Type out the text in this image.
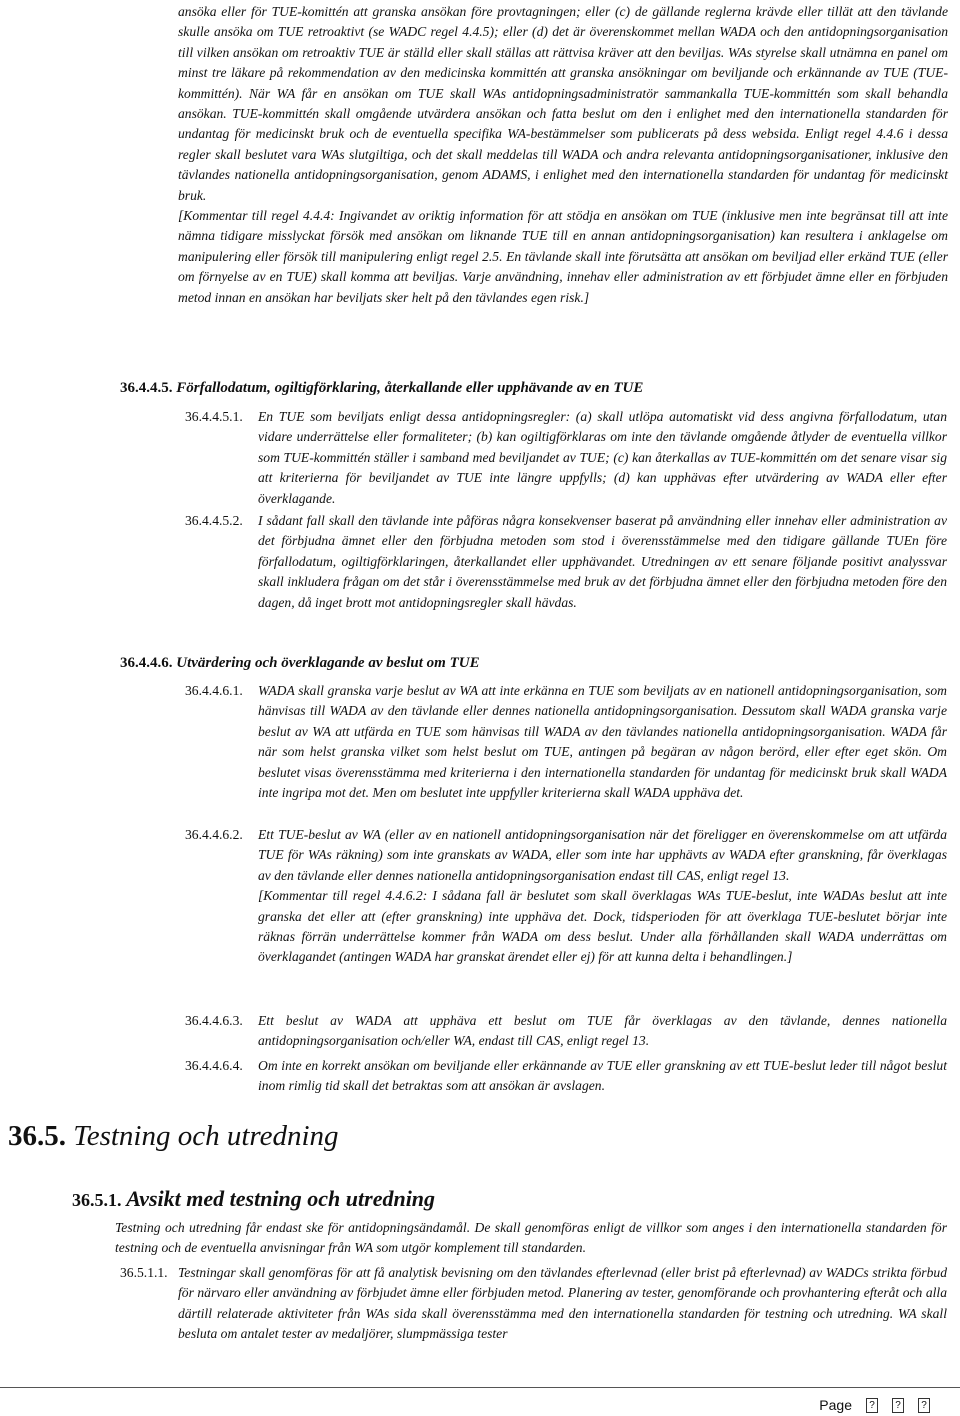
ansöka eller för TUE-komittén att granska ansökan före provtagningen; eller (c) de gällande reglerna krävde eller tillät att den tävlande skulle ansöka om TUE retroaktivt (se WADC regel 4.4.5); eller (d) det är överenskommet mellan WADA och den antidopningsorganisation till vilken ansökan om retroaktiv TUE är ställd eller skall ställas att rättvisa kräver att den beviljas. WAs styrelse skall utnämna en panel om minst tre läkare på rekommendation av den medicinska kommittén att granska ansökningar om beviljande och erkännande av TUE (TUE-kommittén). När WA får en ansökan om TUE skall WAs antidopningsadministratör sammankalla TUE-kommittén som skall behandla ansökan. TUE-kommittén skall omgående utvärdera ansökan och fatta beslut om den i enlighet med den internationella standarden för undantag för medicinskt bruk och de eventuella specifika WA-bestämmelser som publicerats på dess websida. Enligt regel 4.4.6 i dessa regler skall beslutet vara WAs slutgiltiga, och det skall meddelas till WADA och andra relevanta antidopningsorganisationer, inklusive den tävlandes nationella antidopningsorganisation, genom ADAMS, i enlighet med den internationella standarden för undantag för medicinskt bruk.

[Kommentar till regel 4.4.4: Ingivandet av oriktig information för att stödja en ansökan om TUE (inklusive men inte begränsat till att inte nämna tidigare misslyckat försök med ansökan om liknande TUE till en annan antidopningsorganisation) kan resultera i anklagelse om manipulering eller försök till manipulering enligt regel 2.5. En tävlande skall inte förutsätta att ansökan om beviljad eller erkänd TUE (eller om förnyelse av en TUE) skall komma att beviljas. Varje användning, innehav eller administration av ett förbjudet ämne eller en förbjuden metod innan en ansökan har beviljats sker helt på den tävlandes egen risk.]

36.4.4.5. Förfallodatum, ogiltigförklaring, återkallande eller upphävande av en TUE

36.4.4.5.1. En TUE som beviljats enligt dessa antidopningsregler: (a) skall utlöpa automatiskt vid dess angivna förfallodatum, utan vidare underrättelse eller formaliteter; (b) kan ogiltigförklaras om inte den tävlande omgående åtlyder de eventuella villkor som TUE-kommittén ställer i samband med beviljandet av TUE; (c) kan återkallas av TUE-kommittén om det senare visar sig att kriterierna för beviljandet av TUE inte längre uppfylls; (d) kan upphävas efter utvärdering av WADA eller efter överklagande.
36.4.4.5.2. I sådant fall skall den tävlande inte påföras några konsekvenser baserat på användning eller innehav eller administration av det förbjudna ämnet eller den förbjudna metoden som stod i överensstämmelse med den tidigare gällande TUEn före förfallodatum, ogiltigförklaringen, återkallandet eller upphävandet. Utredningen av ett senare följande positivt analyssvar skall inkludera frågan om det står i överensstämmelse med bruk av det förbjudna ämnet eller den förbjudna metoden före den dagen, då inget brott mot antidopningsregler skall hävdas.

36.4.4.6. Utvärdering och överklagande av beslut om TUE

36.4.4.6.1. WADA skall granska varje beslut av WA att inte erkänna en TUE som beviljats av en nationell antidopningsorganisation, som hänvisas till WADA av den tävlande eller dennes nationella antidopningsorganisation. Dessutom skall WADA granska varje beslut av WA att utfärda en TUE som hänvisas till WADA av den tävlandes nationella antidopningsorganisation. WADA får när som helst granska vilket som helst beslut om TUE, antingen på begäran av någon berörd, eller efter eget skön. Om beslutet visas överensstämma med kriterierna i den internationella standarden för undantag för medicinskt bruk skall WADA inte ingripa mot det. Men om beslutet inte uppfyller kriterierna skall WADA upphäva det.
36.4.4.6.2. Ett TUE-beslut av WA (eller av en nationell antidopningsorganisation när det föreligger en överenskommelse om att utfärda TUE för WAs räkning) som inte granskats av WADA, eller som inte har upphävts av WADA efter granskning, får överklagas av den tävlande eller dennes nationella antidopningsorganisation endast till CAS, enligt regel 13.
[Kommentar till regel 4.4.6.2: I sådana fall är beslutet som skall överklagas WAs TUE-beslut, inte WADAs beslut att inte granska det eller att (efter granskning) inte upphäva det. Dock, tidsperioden för att överklaga TUE-beslutet börjar inte räknas förrän underrättelse kommer från WADA om dess beslut. Under alla förhållanden skall WADA underrättas om överklagandet (antingen WADA har granskat ärendet eller ej) för att kunna delta i behandlingen.]
36.4.4.6.3. Ett beslut av WADA att upphäva ett beslut om TUE får överklagas av den tävlande, dennes nationella antidopningsorganisation och/eller WA, endast till CAS, enligt regel 13.
36.4.4.6.4. Om inte en korrekt ansökan om beviljande eller erkännande av TUE eller granskning av ett TUE-beslut leder till något beslut inom rimlig tid skall det betraktas som att ansökan är avslagen.
36.5. Testning och utredning
36.5.1. Avsikt med testning och utredning

Testning och utredning får endast ske för antidopningsändamål. De skall genomföras enligt de villkor som anges i den internationella standarden för testning och de eventuella anvisningar från WA som utgör komplement till standarden.

36.5.1.1. Testningar skall genomföras för att få analytisk bevisning om den tävlandes efterlevnad (eller brist på efterlevnad) av WADCs strikta förbud för närvaro eller användning av förbjudet ämne eller förbjuden metod. Planering av tester, genomförande och provhantering efteråt och alla därtill relaterade aktiviteter från WAs sida skall överensstämma med den internationella standarden för testning och utredning. WA skall besluta om antalet tester av medaljörer, slumpmässiga tester
Page	?	?	?
